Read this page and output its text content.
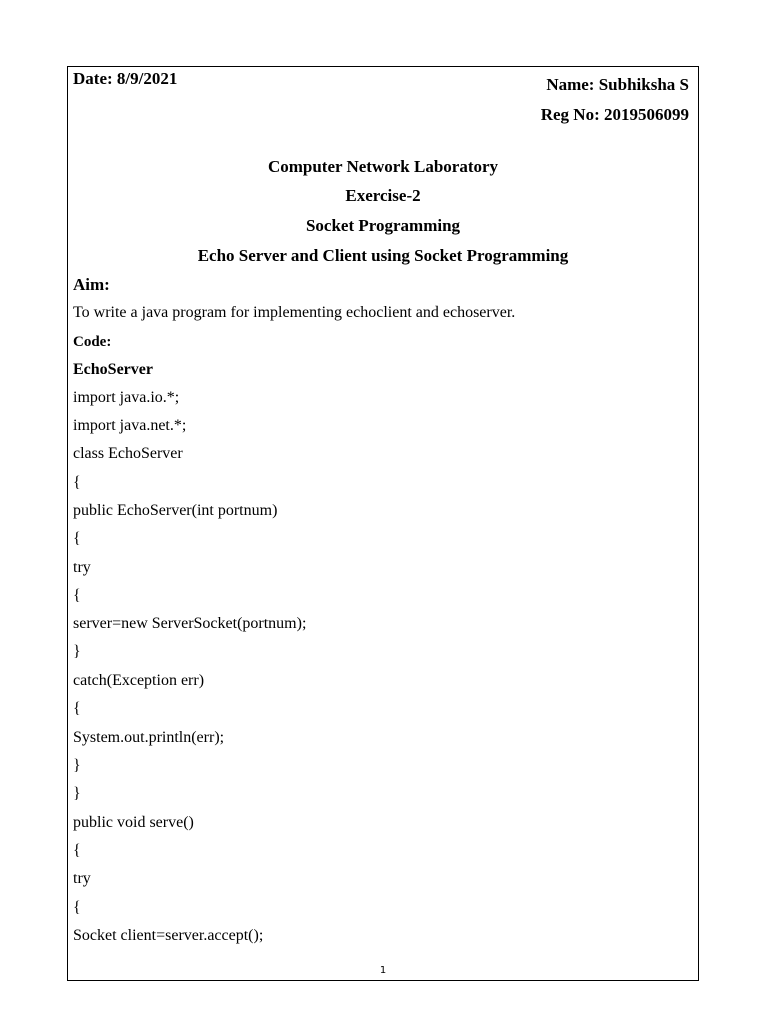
Date: 8/9/2021	Name: Subhiksha S
Reg No: 2019506099
Computer Network Laboratory
Exercise-2
Socket Programming
Echo Server and Client using Socket Programming
Aim:
To write a java program for implementing echoclient and echoserver.
Code:
EchoServer
import java.io.*;
import java.net.*;
class EchoServer
{
public EchoServer(int portnum)
{
try
{
server=new ServerSocket(portnum);
}
catch(Exception err)
{
System.out.println(err);
}
}
public void serve()
{
try
{
Socket client=server.accept();
1
